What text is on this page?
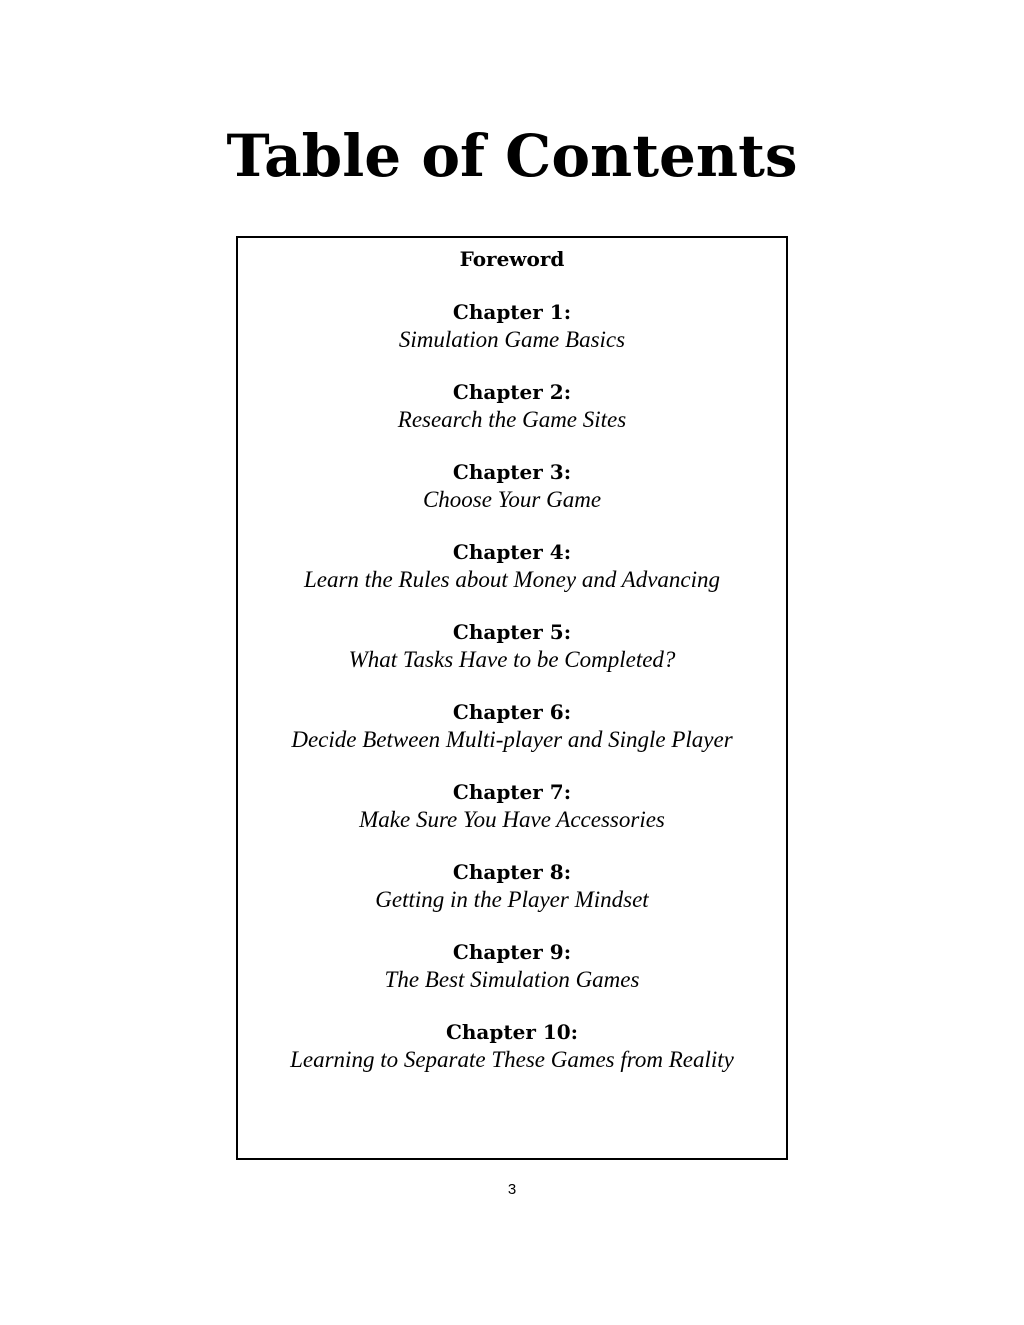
Table of Contents
Foreword
Chapter 1:
Simulation Game Basics
Chapter 2:
Research the Game Sites
Chapter 3:
Choose Your Game
Chapter 4:
Learn the Rules about Money and Advancing
Chapter 5:
What Tasks Have to be Completed?
Chapter 6:
Decide Between Multi-player and Single Player
Chapter 7:
Make Sure You Have Accessories
Chapter 8:
Getting in the Player Mindset
Chapter 9:
The Best Simulation Games
Chapter 10:
Learning to Separate These Games from Reality
3
